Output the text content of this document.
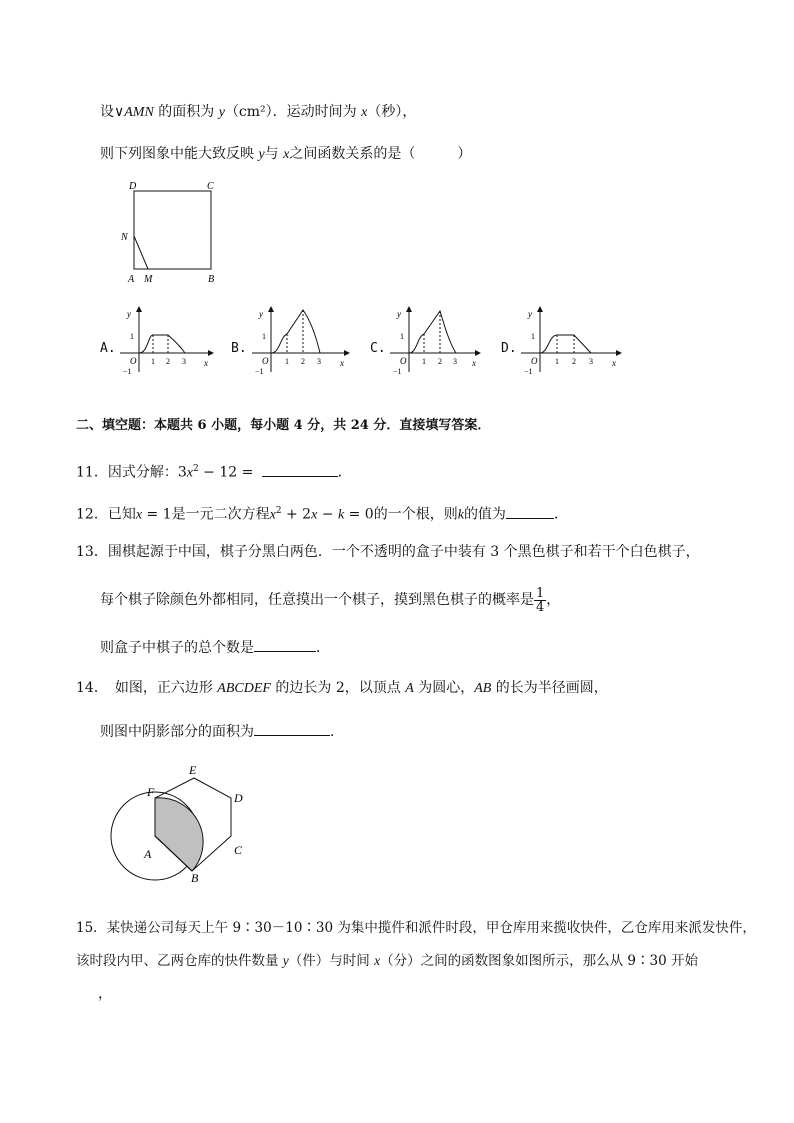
设∨AMN 的面积为 y（cm²）．运动时间为 x（秒），
则下列图象中能大致反映 y与 x之间函数关系的是（　　　）
D	C
N
A M	B
A.	B.	C.	D.
y
x
1
O
−1
1 2 3
y
x
1
O
−1
1 2 3
y
x
1
O
−1
1 2 3
y
x
1
O
−1
1 2 3
二、填空题：本题共 6 小题，每小题 4 分，共 24 分．直接填写答案．
11．因式分解：$3x^2 - 12$ =	．
12．已知x = 1是一元二次方程$x^2 + 2x - k = 0$的一个根，则k的值为	．
13．围棋起源于中国，棋子分黑白两色．一个不透明的盒子中装有 3 个黑色棋子和若干个白色棋子，
每个棋子除颜色外都相同，任意摸出一个棋子，摸到黑色棋子的概率是 $\frac{1}{4}$ ，
则盒子中棋子的总个数是	．
14．　如图，正六边形 ABCDEF 的边长为 2，以顶点 A 为圆心，AB 的长为半径画圆，
则图中阴影部分的面积为	．
E
F	D
A	C
B
15．某快递公司每天上午 9∶30－10∶30 为集中揽件和派件时段，甲仓库用来揽收快件，乙仓库用来派发快件，
该时段内甲、乙两仓库的快件数量 y（件）与时间 x（分）之间的函数图象如图所示，那么从 9∶30 开始
，
